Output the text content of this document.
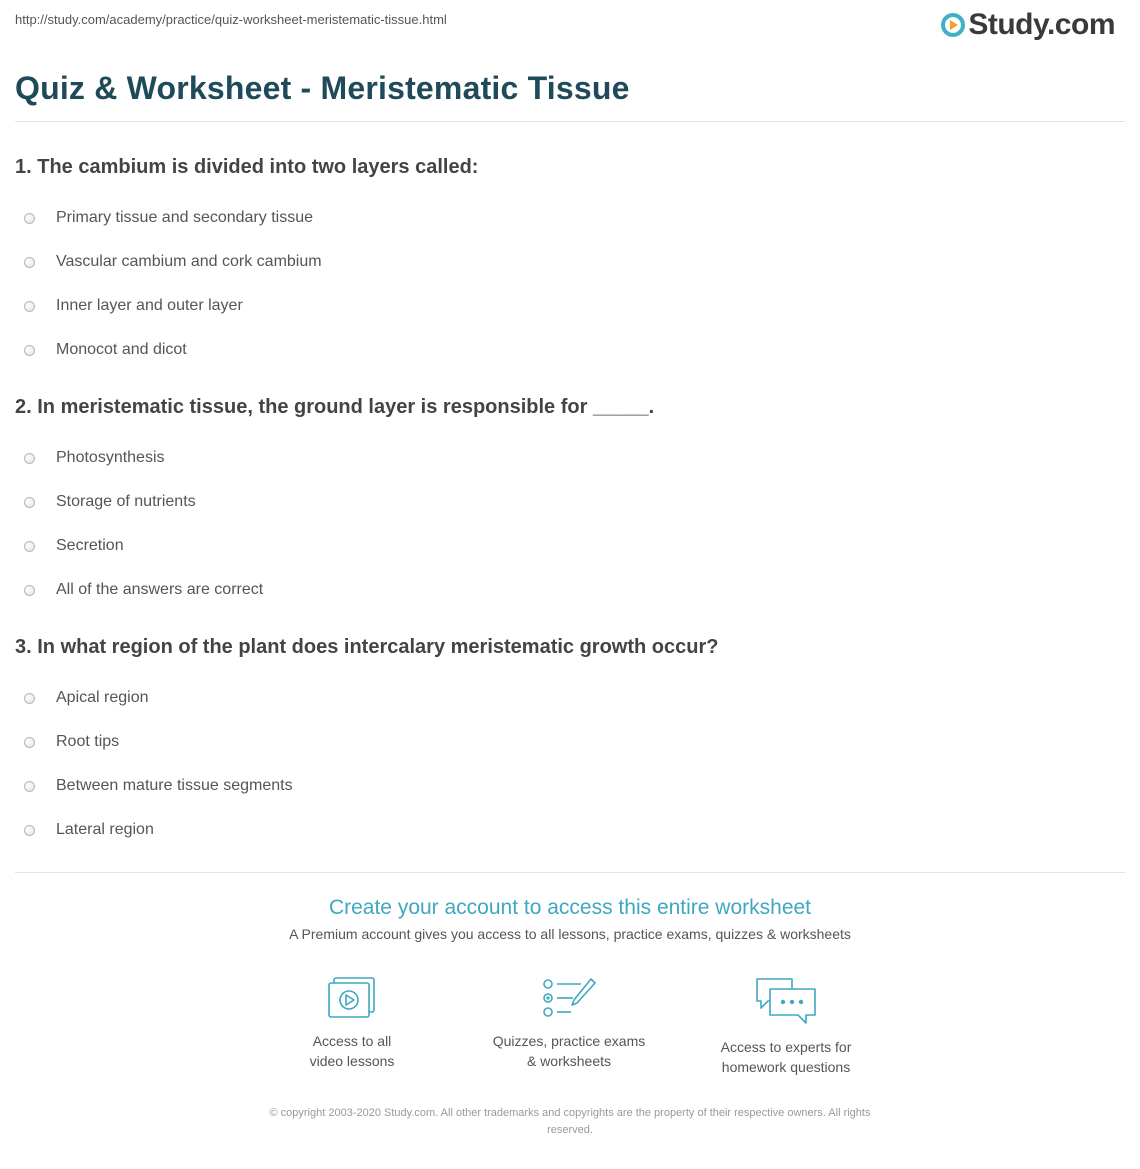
http://study.com/academy/practice/quiz-worksheet-meristematic-tissue.html	Study.com
Quiz & Worksheet - Meristematic Tissue
1. The cambium is divided into two layers called:
Primary tissue and secondary tissue
Vascular cambium and cork cambium
Inner layer and outer layer
Monocot and dicot
2. In meristematic tissue, the ground layer is responsible for _____.
Photosynthesis
Storage of nutrients
Secretion
All of the answers are correct
3. In what region of the plant does intercalary meristematic growth occur?
Apical region
Root tips
Between mature tissue segments
Lateral region
Create your account to access this entire worksheet
A Premium account gives you access to all lessons, practice exams, quizzes & worksheets
Access to all
video lessons
Quizzes, practice exams
& worksheets
Access to experts for
homework questions
© copyright 2003-2020 Study.com. All other trademarks and copyrights are the property of their respective owners. All rights
reserved.
